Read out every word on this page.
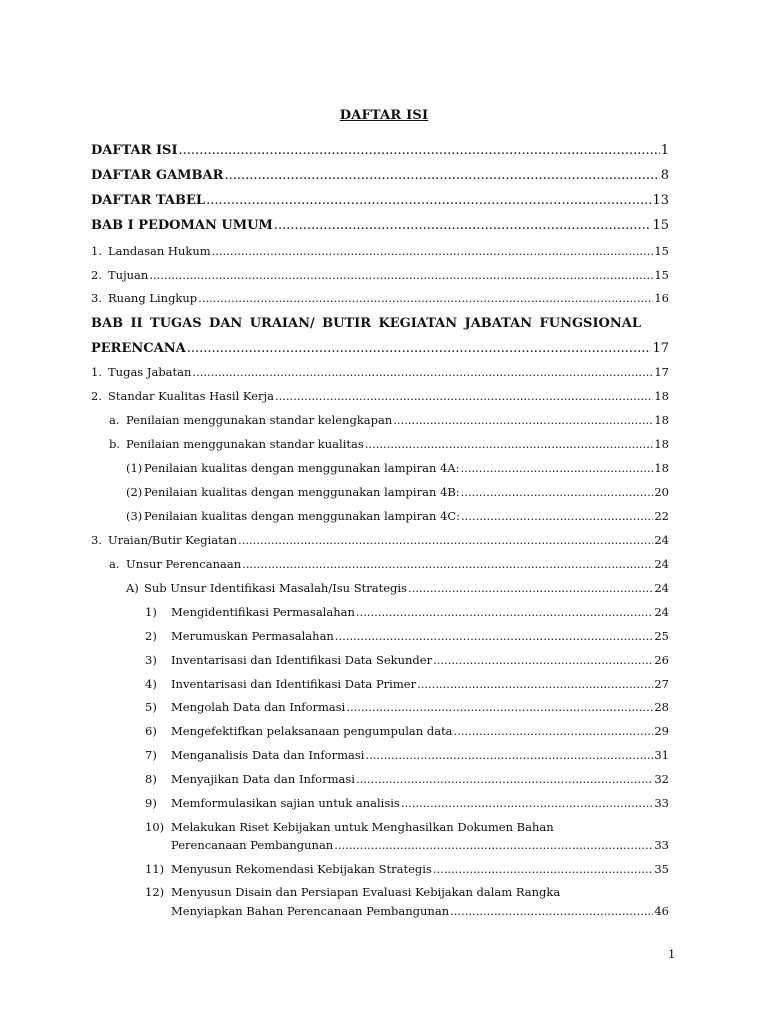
DAFTAR ISI
DAFTAR ISI .....	1
DAFTAR GAMBAR .....	8
DAFTAR TABEL .....	13
BAB I PEDOMAN UMUM .....	15
1. Landasan Hukum .....	15
2. Tujuan .....	15
3. Ruang Lingkup .....	16
BAB II TUGAS DAN URAIAN/ BUTIR KEGIATAN JABATAN FUNGSIONAL
PERENCANA .....	17
1. Tugas Jabatan .....	17
2. Standar Kualitas Hasil Kerja .....	18
a. Penilaian menggunakan standar kelengkapan .....	18
b. Penilaian menggunakan standar kualitas .....	18
(1) Penilaian kualitas dengan menggunakan lampiran 4A: .....	18
(2) Penilaian kualitas dengan menggunakan lampiran 4B: .....	20
(3) Penilaian kualitas dengan menggunakan lampiran 4C: .....	22
3. Uraian/Butir Kegiatan .....	24
a. Unsur Perencanaan .....	24
A) Sub Unsur Identifikasi Masalah/Isu Strategis .....	24
1)	Mengidentifikasi Permasalahan .....	24
2)	Merumuskan Permasalahan .....	25
3)	Inventarisasi dan Identifikasi Data Sekunder .....	26
4)	Inventarisasi dan Identifikasi Data Primer .....	27
5)	Mengolah Data dan Informasi .....	28
6)	Mengefektifkan pelaksanaan pengumpulan data .....	29
7)	Menganalisis Data dan Informasi .....	31
8)	Menyajikan Data dan Informasi .....	32
9)	Memformulasikan sajian untuk analisis .....	33
10) Melakukan Riset Kebijakan untuk Menghasilkan Dokumen Bahan
Perencanaan Pembangunan .....	33
11) Menyusun Rekomendasi Kebijakan Strategis .....	35
12) Menyusun Disain dan Persiapan Evaluasi Kebijakan dalam Rangka
Menyiapkan Bahan Perencanaan Pembangunan .....	46
1
